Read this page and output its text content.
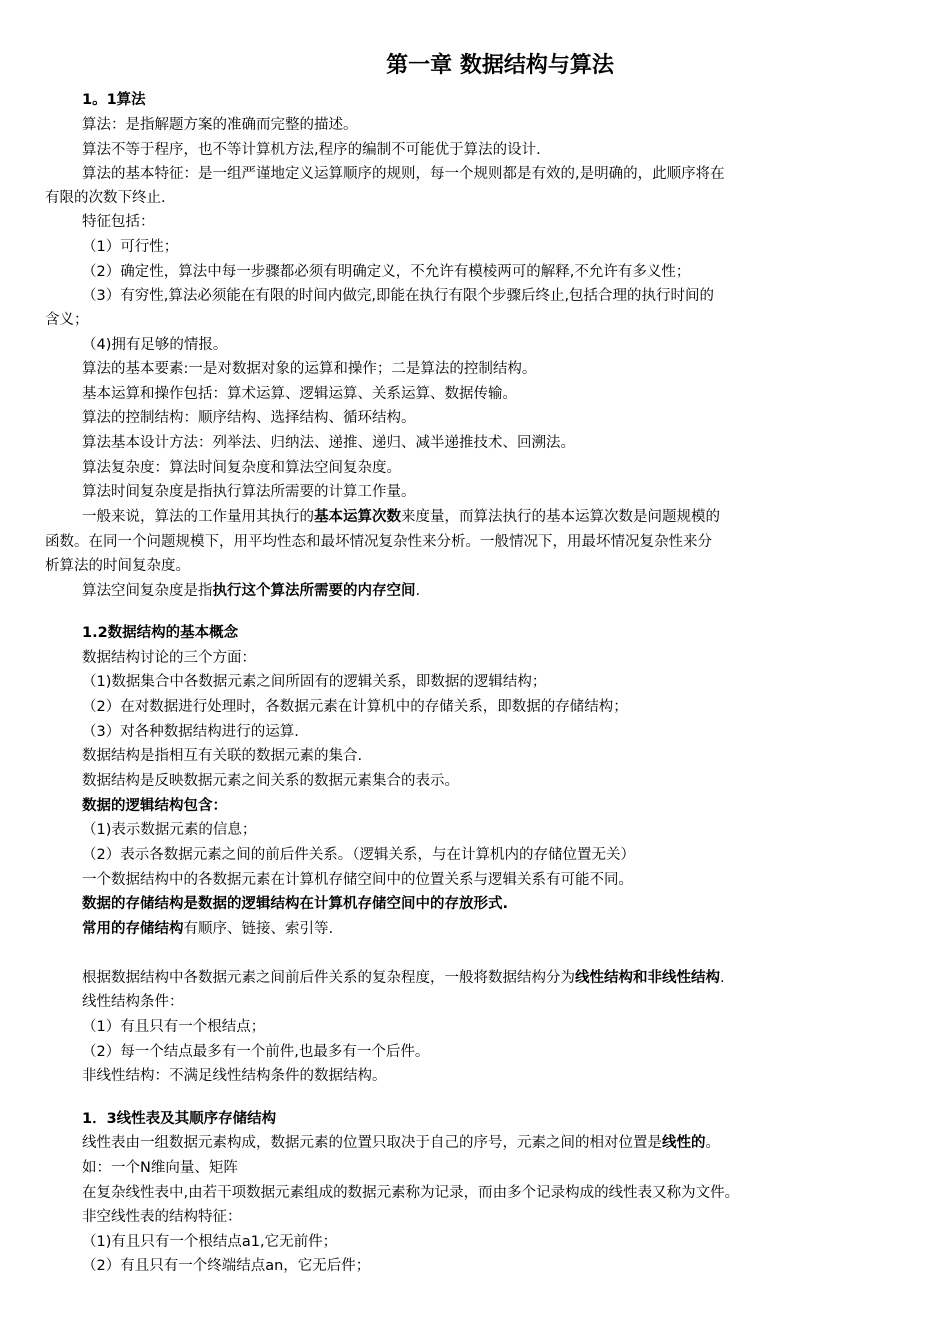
第一章 数据结构与算法
1。1算法
算法：是指解题方案的准确而完整的描述。
算法不等于程序，也不等计算机方法,程序的编制不可能优于算法的设计.
算法的基本特征：是一组严谨地定义运算顺序的规则，每一个规则都是有效的,是明确的，此顺序将在
有限的次数下终止.
特征包括：
（1）可行性；
（2）确定性，算法中每一步骤都必须有明确定义，不允许有模棱两可的解释,不允许有多义性；
（3）有穷性,算法必须能在有限的时间内做完,即能在执行有限个步骤后终止,包括合理的执行时间的
含义；
（4)拥有足够的情报。
算法的基本要素:一是对数据对象的运算和操作；二是算法的控制结构。
基本运算和操作包括：算术运算、逻辑运算、关系运算、数据传输。
算法的控制结构：顺序结构、选择结构、循环结构。
算法基本设计方法：列举法、归纳法、递推、递归、减半递推技术、回溯法。
算法复杂度：算法时间复杂度和算法空间复杂度。
算法时间复杂度是指执行算法所需要的计算工作量。
一般来说，算法的工作量用其执行的基本运算次数来度量，而算法执行的基本运算次数是问题规模的
函数。在同一个问题规模下，用平均性态和最坏情况复杂性来分析。一般情况下，用最坏情况复杂性来分
析算法的时间复杂度。
算法空间复杂度是指执行这个算法所需要的内存空间.
1.2数据结构的基本概念
数据结构讨论的三个方面：
（1)数据集合中各数据元素之间所固有的逻辑关系，即数据的逻辑结构；
（2）在对数据进行处理时，各数据元素在计算机中的存储关系，即数据的存储结构；
（3）对各种数据结构进行的运算.
数据结构是指相互有关联的数据元素的集合.
数据结构是反映数据元素之间关系的数据元素集合的表示。
数据的逻辑结构包含：
（1)表示数据元素的信息；
（2）表示各数据元素之间的前后件关系。（逻辑关系，与在计算机内的存储位置无关）
一个数据结构中的各数据元素在计算机存储空间中的位置关系与逻辑关系有可能不同。
数据的存储结构是数据的逻辑结构在计算机存储空间中的存放形式.
常用的存储结构有顺序、链接、索引等.
根据数据结构中各数据元素之间前后件关系的复杂程度，一般将数据结构分为线性结构和非线性结构.
线性结构条件：
（1）有且只有一个根结点；
（2）每一个结点最多有一个前件,也最多有一个后件。
非线性结构：不满足线性结构条件的数据结构。
1．3线性表及其顺序存储结构
线性表由一组数据元素构成，数据元素的位置只取决于自己的序号，元素之间的相对位置是线性的。
如：一个N维向量、矩阵
在复杂线性表中,由若干项数据元素组成的数据元素称为记录，而由多个记录构成的线性表又称为文件。
非空线性表的结构特征：
（1)有且只有一个根结点a1,它无前件；
（2）有且只有一个终端结点an，它无后件；
